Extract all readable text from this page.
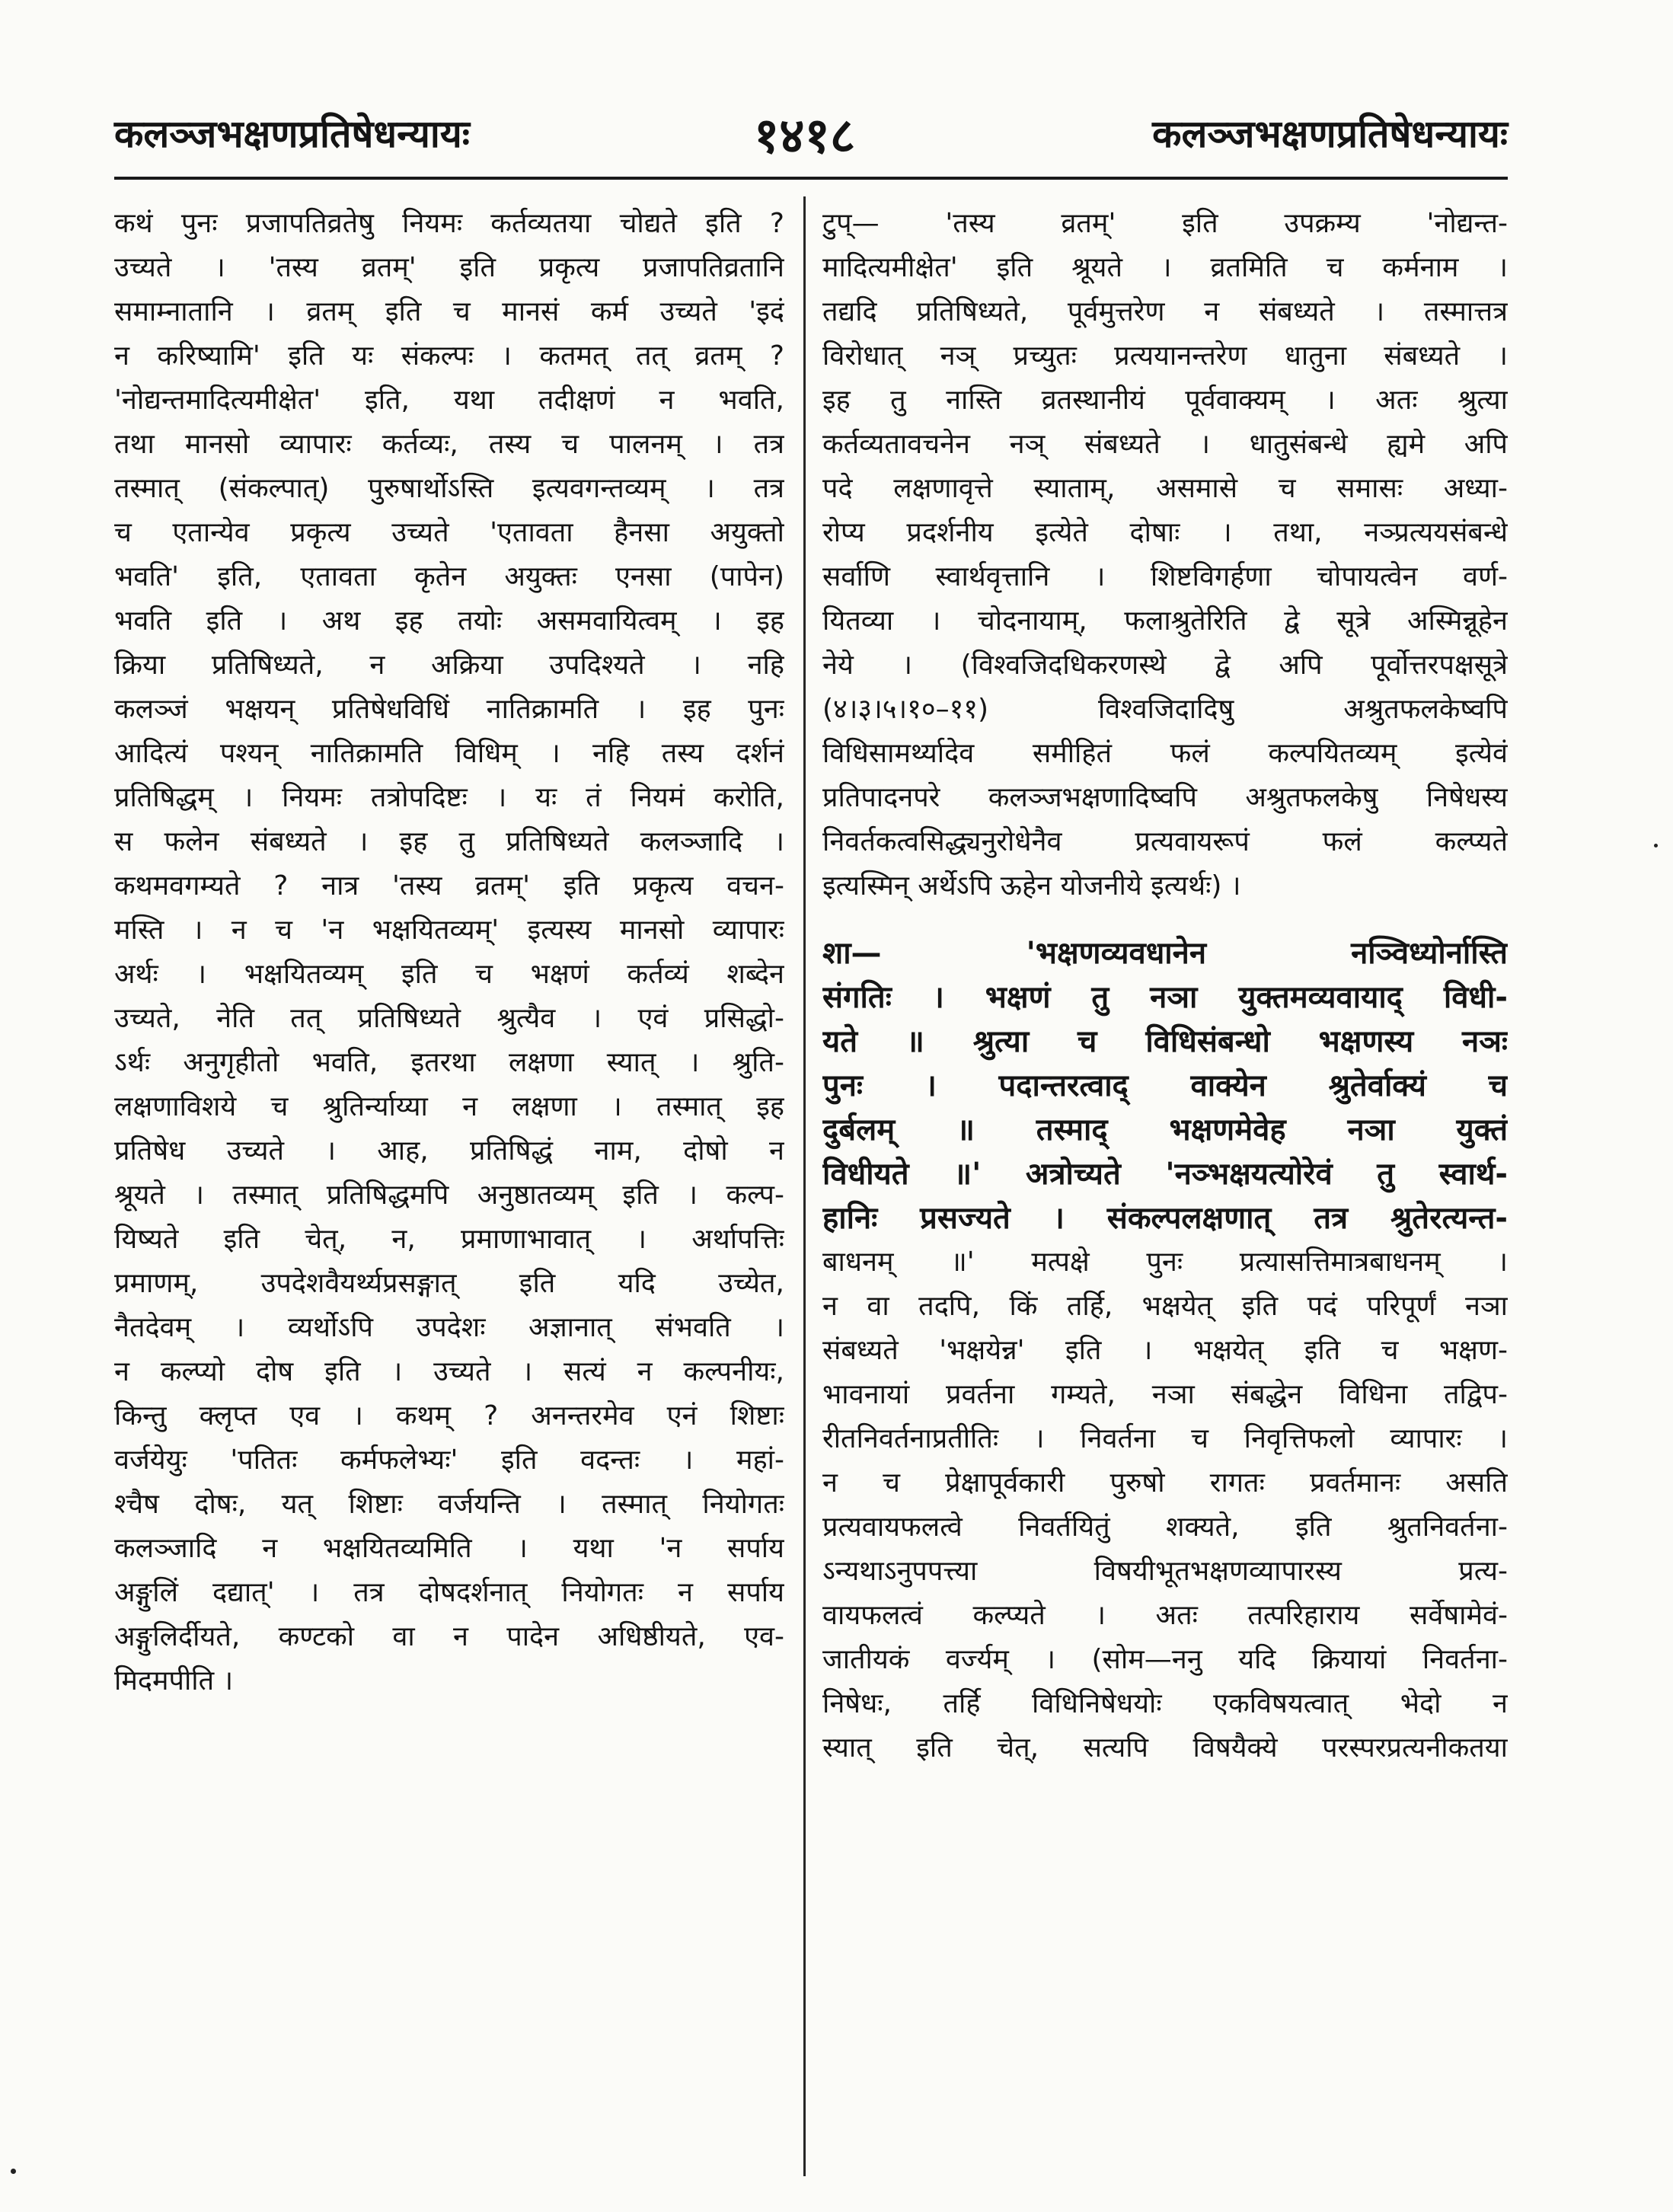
कलञ्जभक्षणप्रतिषेधन्यायः	१४१८	कलञ्जभक्षणप्रतिषेधन्यायः
कथं पुनः प्रजापतिव्रतेषु नियमः कर्तव्यतया चोद्यते इति ?
उच्यते । 'तस्य व्रतम्' इति प्रकृत्य प्रजापतिव्रतानि
समाम्नातानि । व्रतम् इति च मानसं कर्म उच्यते 'इदं
न करिष्यामि' इति यः संकल्पः । कतमत् तत् व्रतम् ?
'नोद्यन्तमादित्यमीक्षेत' इति, यथा तदीक्षणं न भवति,
तथा मानसो व्यापारः कर्तव्यः, तस्य च पालनम् । तत्र
तस्मात् (संकल्पात्) पुरुषार्थोऽस्ति इत्यवगन्तव्यम् । तत्र
च एतान्येव प्रकृत्य उच्यते 'एतावता हैनसा अयुक्तो
भवति' इति, एतावता कृतेन अयुक्तः एनसा (पापेन)
भवति इति । अथ इह तयोः असमवायित्वम् । इह
क्रिया प्रतिषिध्यते, न अक्रिया उपदिश्यते । नहि
कलञ्जं भक्षयन् प्रतिषेधविधिं नातिक्रामति । इह पुनः
आदित्यं पश्यन् नातिक्रामति विधिम् । नहि तस्य दर्शनं
प्रतिषिद्धम् । नियमः तत्रोपदिष्टः । यः तं नियमं करोति,
स फलेन संबध्यते । इह तु प्रतिषिध्यते कलञ्जादि ।
कथमवगम्यते ? नात्र 'तस्य व्रतम्' इति प्रकृत्य वचन-
मस्ति । न च 'न भक्षयितव्यम्' इत्यस्य मानसो व्यापारः
अर्थः । भक्षयितव्यम् इति च भक्षणं कर्तव्यं शब्देन
उच्यते, नेति तत् प्रतिषिध्यते श्रुत्यैव । एवं प्रसिद्धो-
ऽर्थः अनुगृहीतो भवति, इतरथा लक्षणा स्यात् । श्रुति-
लक्षणाविशये च श्रुतिर्न्याय्या न लक्षणा । तस्मात् इह
प्रतिषेध उच्यते । आह, प्रतिषिद्धं नाम, दोषो न
श्रूयते । तस्मात् प्रतिषिद्धमपि अनुष्ठातव्यम् इति । कल्प-
यिष्यते इति चेत्, न, प्रमाणाभावात् । अर्थापत्तिः
प्रमाणम्, उपदेशवैयर्थ्यप्रसङ्गात् इति यदि उच्येत,
नैतदेवम् । व्यर्थोऽपि उपदेशः अज्ञानात् संभवति ।
न कल्प्यो दोष इति । उच्यते । सत्यं न कल्पनीयः,
किन्तु क्लृप्त एव । कथम् ? अनन्तरमेव एनं शिष्टाः
वर्जयेयुः 'पतितः कर्मफलेभ्यः' इति वदन्तः । महां-
श्चैष दोषः, यत् शिष्टाः वर्जयन्ति । तस्मात् नियोगतः
कलञ्जादि न भक्षयितव्यमिति । यथा 'न सर्पाय
अङ्गुलिं दद्यात्' । तत्र दोषदर्शनात् नियोगतः न सर्पाय
अङ्गुलिर्दीयते, कण्टको वा न पादेन अधिष्ठीयते, एव-
मिदमपीति ।
टुप्— 'तस्य व्रतम्' इति उपक्रम्य 'नोद्यन्त-
मादित्यमीक्षेत' इति श्रूयते । व्रतमिति च कर्मनाम ।
तद्यदि प्रतिषिध्यते, पूर्वमुत्तरेण न संबध्यते । तस्मात्तत्र
विरोधात् नञ् प्रच्युतः प्रत्ययानन्तरेण धातुना संबध्यते ।
इह तु नास्ति व्रतस्थानीयं पूर्ववाक्यम् । अतः श्रुत्या
कर्तव्यतावचनेन नञ् संबध्यते । धातुसंबन्धे ह्यमे अपि
पदे लक्षणावृत्ते स्याताम्, असमासे च समासः अध्या-
रोप्य प्रदर्शनीय इत्येते दोषाः । तथा, नञ्प्रत्ययसंबन्धे
सर्वाणि स्वार्थवृत्तानि । शिष्टविगर्हणा चोपायत्वेन वर्ण-
यितव्या । चोदनायाम्, फलाश्रुतेरिति द्वे सूत्रे अस्मिन्नूहेन
नेये । (विश्वजिदधिकरणस्थे द्वे अपि पूर्वोत्तरपक्षसूत्रे
(४।३।५।१०–११) विश्वजिदादिषु अश्रुतफलकेष्वपि
विधिसामर्थ्यादेव समीहितं फलं कल्पयितव्यम् इत्येवं
प्रतिपादनपरे कलञ्जभक्षणादिष्वपि अश्रुतफलकेषु निषेधस्य
निवर्तकत्वसिद्ध्यनुरोधेनैव प्रत्यवायरूपं फलं कल्प्यते
इत्यस्मिन् अर्थेऽपि ऊहेन योजनीये इत्यर्थः) ।
शा— 'भक्षणव्यवधानेन नञ्विध्योर्नास्ति
संगतिः । भक्षणं तु नञा युक्तमव्यवायाद् विधी-
यते ॥ श्रुत्या च विधिसंबन्धो भक्षणस्य नञः
पुनः । पदान्तरत्वाद् वाक्येन श्रुतेर्वाक्यं च
दुर्बलम् ॥ तस्माद् भक्षणमेवेह नञा युक्तं
विधीयते ॥' अत्रोच्यते 'नञ्भक्षयत्योरेवं तु स्वार्थ-
हानिः प्रसज्यते । संकल्पलक्षणात् तत्र श्रुतेरत्यन्त-
बाधनम् ॥' मत्पक्षे पुनः प्रत्यासत्तिमात्रबाधनम् ।
न वा तदपि, किं तर्हि, भक्षयेत् इति पदं परिपूर्णं नञा
संबध्यते 'भक्षयेन्न' इति । भक्षयेत् इति च भक्षण-
भावनायां प्रवर्तना गम्यते, नञा संबद्धेन विधिना तद्विप-
रीतनिवर्तनाप्रतीतिः । निवर्तना च निवृत्तिफलो व्यापारः ।
न च प्रेक्षापूर्वकारी पुरुषो रागतः प्रवर्तमानः असति
प्रत्यवायफलत्वे निवर्तयितुं शक्यते, इति श्रुतनिवर्तना-
ऽन्यथाऽनुपपत्त्या विषयीभूतभक्षणव्यापारस्य प्रत्य-
वायफलत्वं कल्प्यते । अतः तत्परिहाराय सर्वेषामेवं-
जातीयकं वर्ज्यम् । (सोम—ननु यदि क्रियायां निवर्तना-
निषेधः, तर्हि विधिनिषेधयोः एकविषयत्वात् भेदो न
स्यात् इति चेत्, सत्यपि विषयैक्ये परस्परप्रत्यनीकतया
